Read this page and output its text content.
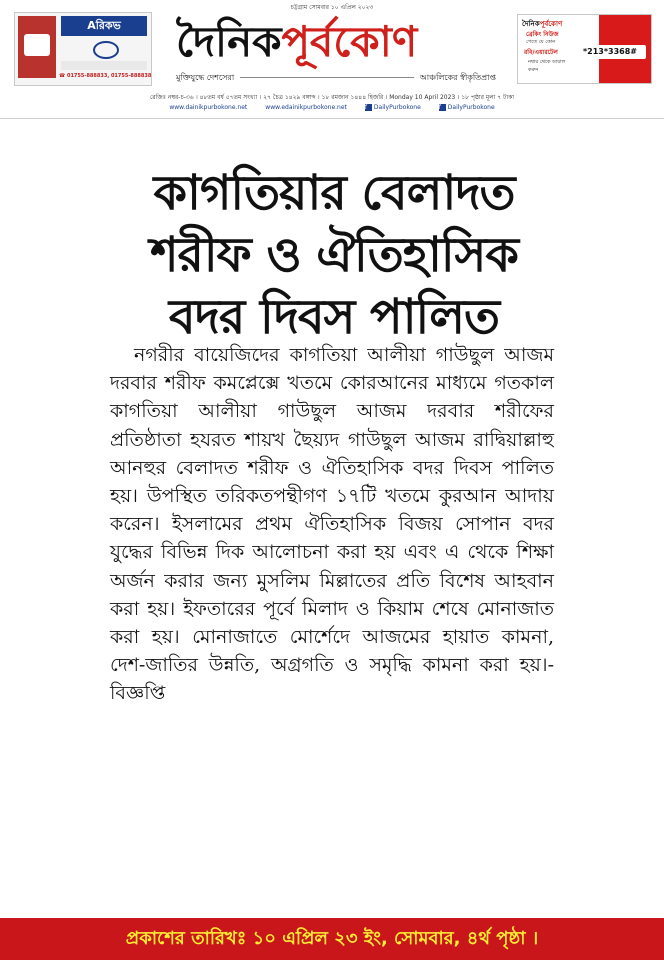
চট্টগ্রাম সোমবার ১০ এপ্রিল ২০২৩
Aরিকভ
☎ 01755-888833, 01755-888838
দৈনিকপূর্বকোণ
মুক্তিযুদ্ধে দেশসেরা	আঞ্চলিকের স্বীকৃতিপ্রাপ্ত
দৈনিকপূর্বকোণ
ব্রেকিং নিউজ
পেতে যে কোন
রবি/এয়ারটেল	*213*3368#
নম্বার থেকে ডায়াল করুন
রেজিঃ নম্বর-চ-৩৬ । ৪৮তম বর্ষ ৫৭তম সংখ্যা । ২৭ চৈত্র ১৪২৯ বঙ্গাব্দ । ১৮ রমজান ১৪৪৪ হিজরি । Monday 10 April 2023 । ১৮ পৃষ্ঠার মূল্য ৭ টাকা
www.dainikpurbokone.net	www.edainikpurbokone.net	f	DailyPurbokone	f	DailyPurbokone
কাগতিয়ার বেলাদত শরীফ ও ঐতিহাসিক বদর দিবস পালিত

নগরীর বায়েজিদের কাগতিয়া আলীয়া গাউছুল আজম দরবার শরীফ কমপ্লেক্সে খতমে কোরআনের মাধ্যমে গতকাল কাগতিয়া আলীয়া গাউছুল আজম দরবার শরীফের প্রতিষ্ঠাতা হযরত শায়খ ছৈয়্যদ গাউছুল আজম রাদ্বিয়াল্লাহু আনহুর বেলাদত শরীফ ও ঐতিহাসিক বদর দিবস পালিত হয়। উপস্থিত তরিকতপন্থীগণ ১৭টি খতমে কুরআন আদায় করেন। ইসলামের প্রথম ঐতিহাসিক বিজয় সোপান বদর যুদ্ধের বিভিন্ন দিক আলোচনা করা হয় এবং এ থেকে শিক্ষা অর্জন করার জন্য মুসলিম মিল্লাতের প্রতি বিশেষ আহবান করা হয়। ইফতারের পূর্বে মিলাদ ও কিয়াম শেষে মোনাজাত করা হয়। মোনাজাতে মোর্শেদে আজমের হায়াত কামনা, দেশ-জাতির উন্নতি, অগ্রগতি ও সমৃদ্ধি কামনা করা হয়।-বিজ্ঞপ্তি

প্রকাশের তারিখঃ ১০ এপ্রিল ২৩ ইং, সোমবার, ৪র্থ পৃষ্ঠা ।
